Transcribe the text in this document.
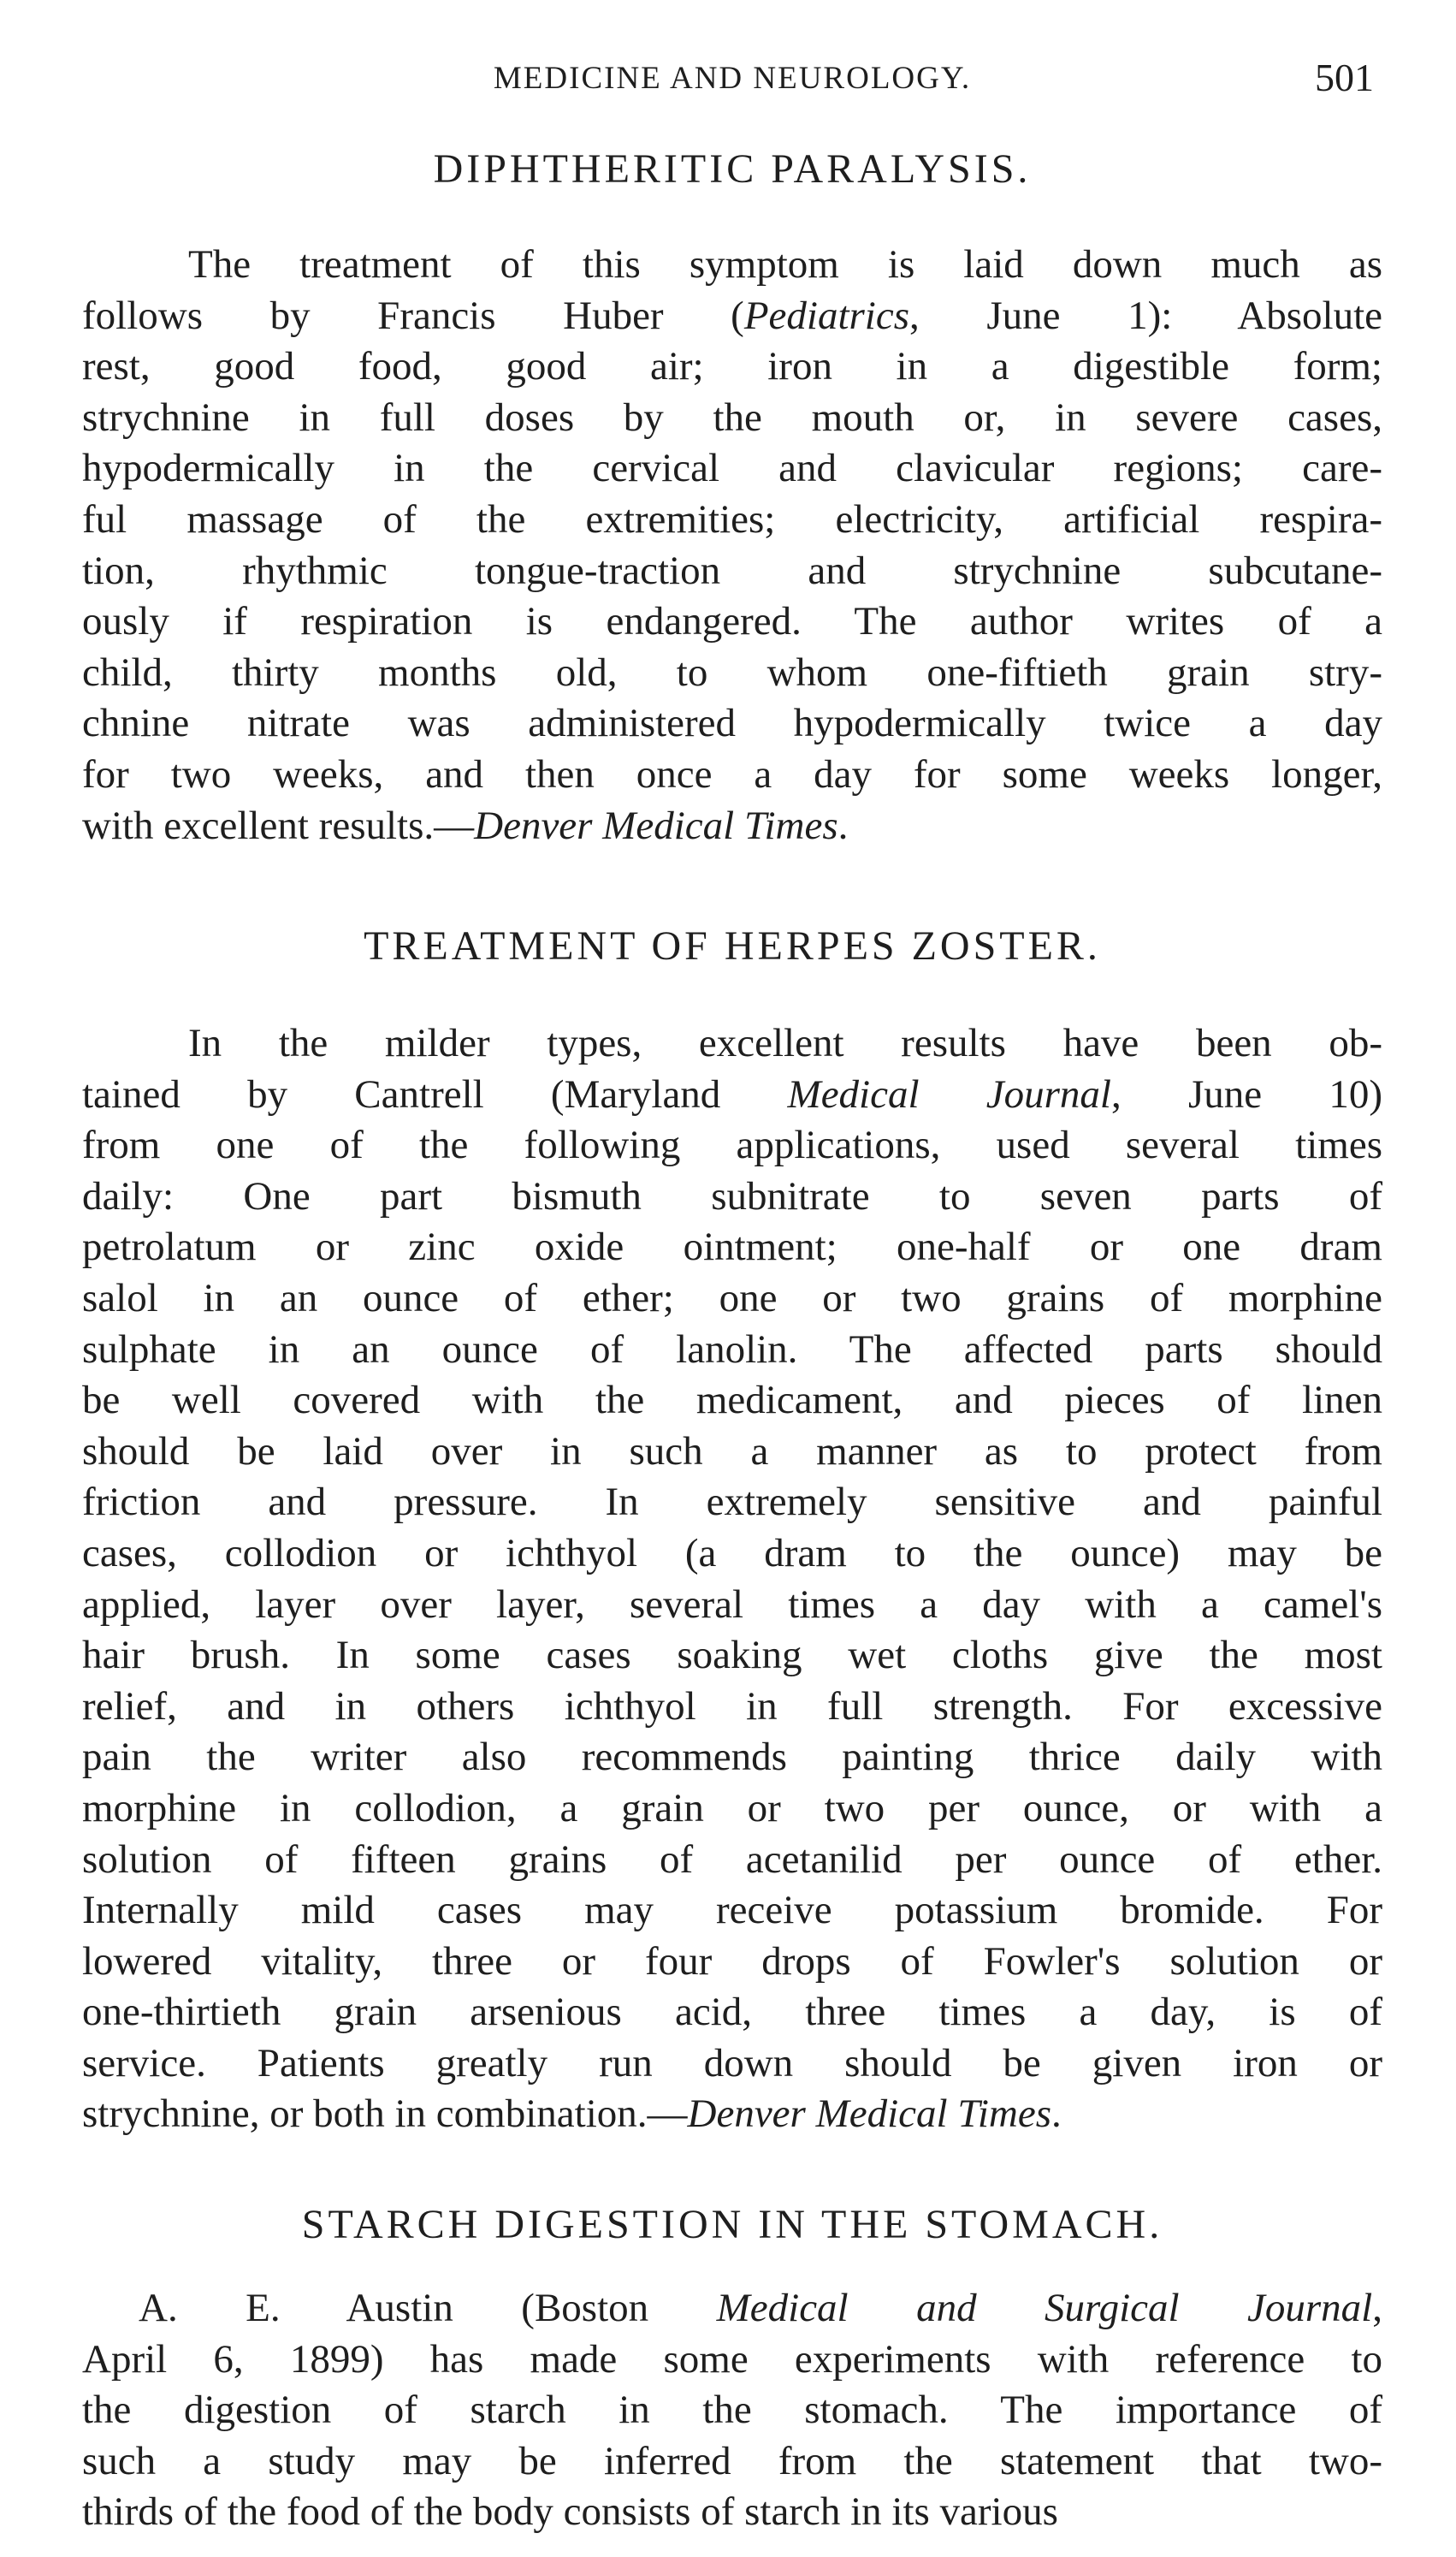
MEDICINE AND NEUROLOGY.	501
DIPHTHERITIC PARALYSIS.
The treatment of this symptom is laid down much as
follows by Francis Huber (Pediatrics, June 1): Absolute
rest, good food, good air; iron in a digestible form;
strychnine in full doses by the mouth or, in severe cases,
hypodermically in the cervical and clavicular regions; care-
ful massage of the extremities; electricity, artificial respira-
tion, rhythmic tongue-traction and strychnine subcutane-
ously if respiration is endangered. The author writes of a
child, thirty months old, to whom one-fiftieth grain stry-
chnine nitrate was administered hypodermically twice a day
for two weeks, and then once a day for some weeks longer,
with excellent results.—Denver Medical Times.
TREATMENT OF HERPES ZOSTER.
In the milder types, excellent results have been ob-
tained by Cantrell (Maryland Medical Journal, June 10)
from one of the following applications, used several times
daily: One part bismuth subnitrate to seven parts of
petrolatum or zinc oxide ointment; one-half or one dram
salol in an ounce of ether; one or two grains of morphine
sulphate in an ounce of lanolin. The affected parts should
be well covered with the medicament, and pieces of linen
should be laid over in such a manner as to protect from
friction and pressure. In extremely sensitive and painful
cases, collodion or ichthyol (a dram to the ounce) may be
applied, layer over layer, several times a day with a camel's
hair brush. In some cases soaking wet cloths give the most
relief, and in others ichthyol in full strength. For excessive
pain the writer also recommends painting thrice daily with
morphine in collodion, a grain or two per ounce, or with a
solution of fifteen grains of acetanilid per ounce of ether.
Internally mild cases may receive potassium bromide. For
lowered vitality, three or four drops of Fowler's solution or
one-thirtieth grain arsenious acid, three times a day, is of
service. Patients greatly run down should be given iron or
strychnine, or both in combination.—Denver Medical Times.
STARCH DIGESTION IN THE STOMACH.
A. E. Austin (Boston Medical and Surgical Journal,
April 6, 1899) has made some experiments with reference to
the digestion of starch in the stomach. The importance of
such a study may be inferred from the statement that two-
thirds of the food of the body consists of starch in its various
